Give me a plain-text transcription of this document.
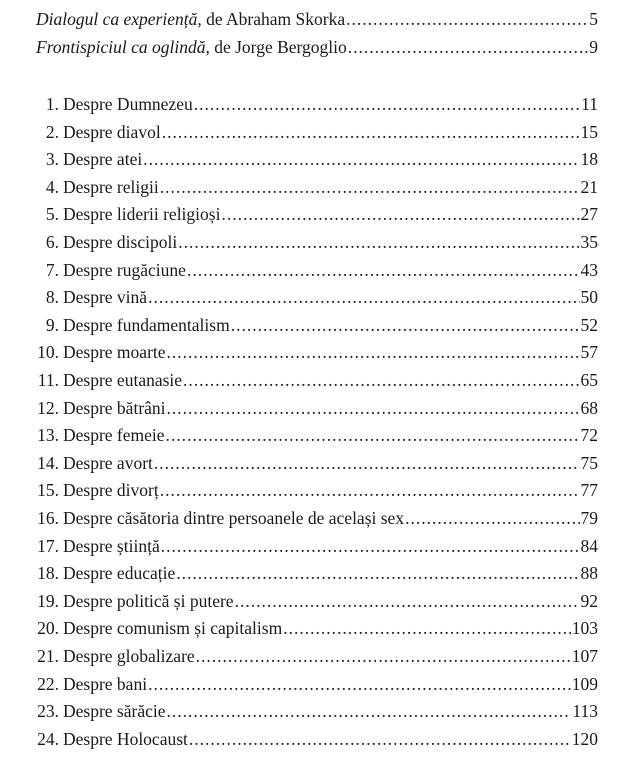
Dialogul ca experiență, de Abraham Skorka .....	5
Frontispiciul ca oglindă, de Jorge Bergoglio .....	9
1. Despre Dumnezeu .....	11
2. Despre diavol .....	15
3. Despre atei .....	18
4. Despre religii .....	21
5. Despre liderii religioși .....	27
6. Despre discipoli .....	35
7. Despre rugăciune .....	43
8. Despre vină .....	50
9. Despre fundamentalism .....	52
10. Despre moarte .....	57
11. Despre eutanasie .....	65
12. Despre bătrâni .....	68
13. Despre femeie .....	72
14. Despre avort .....	75
15. Despre divorț .....	77
16. Despre căsătoria dintre persoanele de același sex .....	79
17. Despre știință .....	84
18. Despre educație .....	88
19. Despre politică și putere .....	92
20. Despre comunism și capitalism .....	103
21. Despre globalizare .....	107
22. Despre bani .....	109
23. Despre sărăcie .....	113
24. Despre Holocaust .....	120
